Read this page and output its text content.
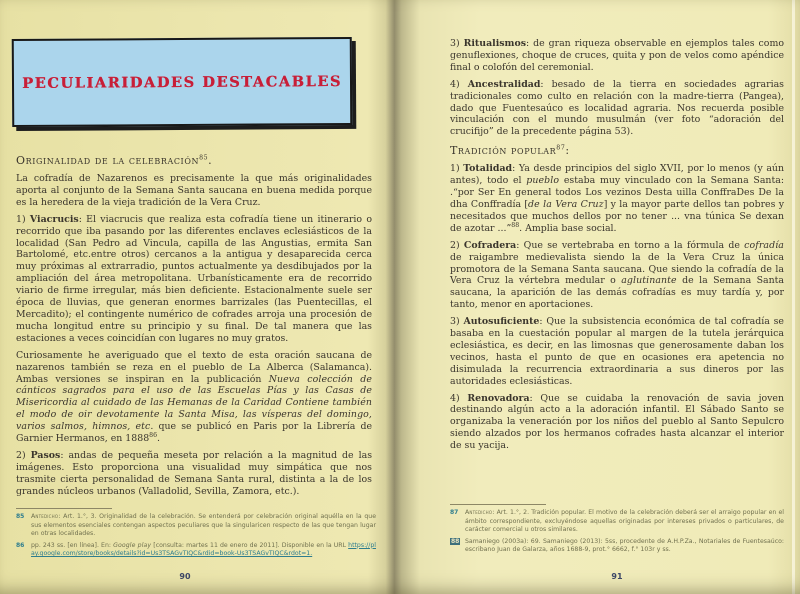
PECULIARIDADES DESTACABLES
Originalidad de la celebración$^{85}$.

La cofradía de Nazarenos es precisamente la que más originalidades aporta al conjunto de la Semana Santa saucana en buena medida porque es la heredera de la vieja tradición de la Vera Cruz.

1) Viacrucis: El viacrucis que realiza esta cofradía tiene un itinerario o recorrido que iba pasando por las diferentes enclaves eclesiásticos de la localidad (San Pedro ad Vincula, capilla de las Angustias, ermita San Bartolomé, etc.entre otros) cercanos a la antigua y desaparecida cerca muy próximas al extrarradio, puntos actualmente ya desdibujados por la ampliación del área metropolitana. Urbanísticamente era de recorrido viario de firme irregular, más bien deficiente. Estacionalmente suele ser época de lluvias, que generan enormes barrizales (las Puentecillas, el Mercadito); el contingente numérico de cofrades arroja una procesión de mucha longitud entre su principio y su final. De tal manera que las estaciones a veces coincidían con lugares no muy gratos.

Curiosamente he averiguado que el texto de esta oración saucana de nazarenos también se reza en el pueblo de La Alberca (Salamanca). Ambas versiones se inspiran en la publicación Nueva colección de cánticos sagrados para el uso de las Escuelas Pías y las Casas de Misericordia al cuidado de las Hemanas de la Caridad Contiene también el modo de oir devotamente la Santa Misa, las vísperas del domingo, varios salmos, himnos, etc. que se publicó en Paris por la Librería de Garnier Hermanos, en 1888$^{86}$.

2) Pasos: andas de pequeña meseta por relación a la magnitud de las imágenes. Esto proporciona una visualidad muy simpática que nos trasmite cierta personalidad de Semana Santa rural, distinta a la de los grandes núcleos urbanos (Valladolid, Sevilla, Zamora, etc.).

85	Antedicho: Art. 1.°, 3. Originalidad de la celebración. Se entenderá por celebración original aquélla en la que sus elementos esenciales contengan aspectos peculiares que la singularicen respecto de las que tengan lugar en otras localidades.
86	pp. 243 ss. [en línea]. En: Google play [consulta: martes 11 de enero de 2011]. Disponible en la URL https://play.google.com/store/books/details?id=Us3TSAGvTIQC&rdid=book-Us3TSAGvTIQC&rdot=1.
90

3) Ritualismos: de gran riqueza observable en ejemplos tales como genuflexiones, choque de cruces, quita y pon de velos como apéndice final o colofón del ceremonial.

4) Ancestralidad: besado de la tierra en sociedades agrarias tradicionales como culto en relación con la madre-tierra (Pangea), dado que Fuentesaúco es localidad agraria. Nos recuerda posible vinculación con el mundo musulmán (ver foto “adoración del crucifijo” de la precedente página 53).

Tradición popular$^{87}$:

1) Totalidad: Ya desde principios del siglo XVII, por lo menos (y aún antes), todo el pueblo estaba muy vinculado con la Semana Santa: .“por Ser En general todos Los vezinos Desta uilla ConffraDes De la dha Conffradía [de la Vera Cruz] y la mayor parte dellos tan pobres y necesitados que muchos dellos por no tener ... vna túnica Se dexan de azotar ...”$^{88}$. Amplia base social.

2) Cofradera: Que se vertebraba en torno a la fórmula de cofradía de raigambre medievalista siendo la de la Vera Cruz la única promotora de la Semana Santa saucana. Que siendo la cofradía de la Vera Cruz la vértebra medular o aglutinante de la Semana Santa saucana, la aparición de las demás cofradías es muy tardía y, por tanto, menor en aportaciones.

3) Autosuficiente: Que la subsistencia económica de tal cofradía se basaba en la cuestación popular al margen de la tutela jerárquica eclesiástica, es decir, en las limosnas que generosamente daban los vecinos, hasta el punto de que en ocasiones era apetencia no disimulada la recurrencia extraordinaria a sus dineros por las autoridades eclesiásticas.

4) Renovadora: Que se cuidaba la renovación de savia joven destinando algún acto a la adoración infantil. El Sábado Santo se organizaba la veneración por los niños del pueblo al Santo Sepulcro siendo alzados por los hermanos cofrades hasta alcanzar el interior de su yacija.

87	Antedicho: Art. 1.°, 2. Tradición popular. El motivo de la celebración deberá ser el arraigo popular en el ámbito correspondiente, excluyéndose aquellas originadas por intereses privados o particulares, de carácter comercial u otros similares.
88 Samaniego (2003a): 69. Samaniego (2013): 5ss, procedente de A.H.P.Za., Notariales de Fuentesaúco: escribano Juan de Galarza, años 1688-9, prot.° 6662, f.° 103r y ss.
91
